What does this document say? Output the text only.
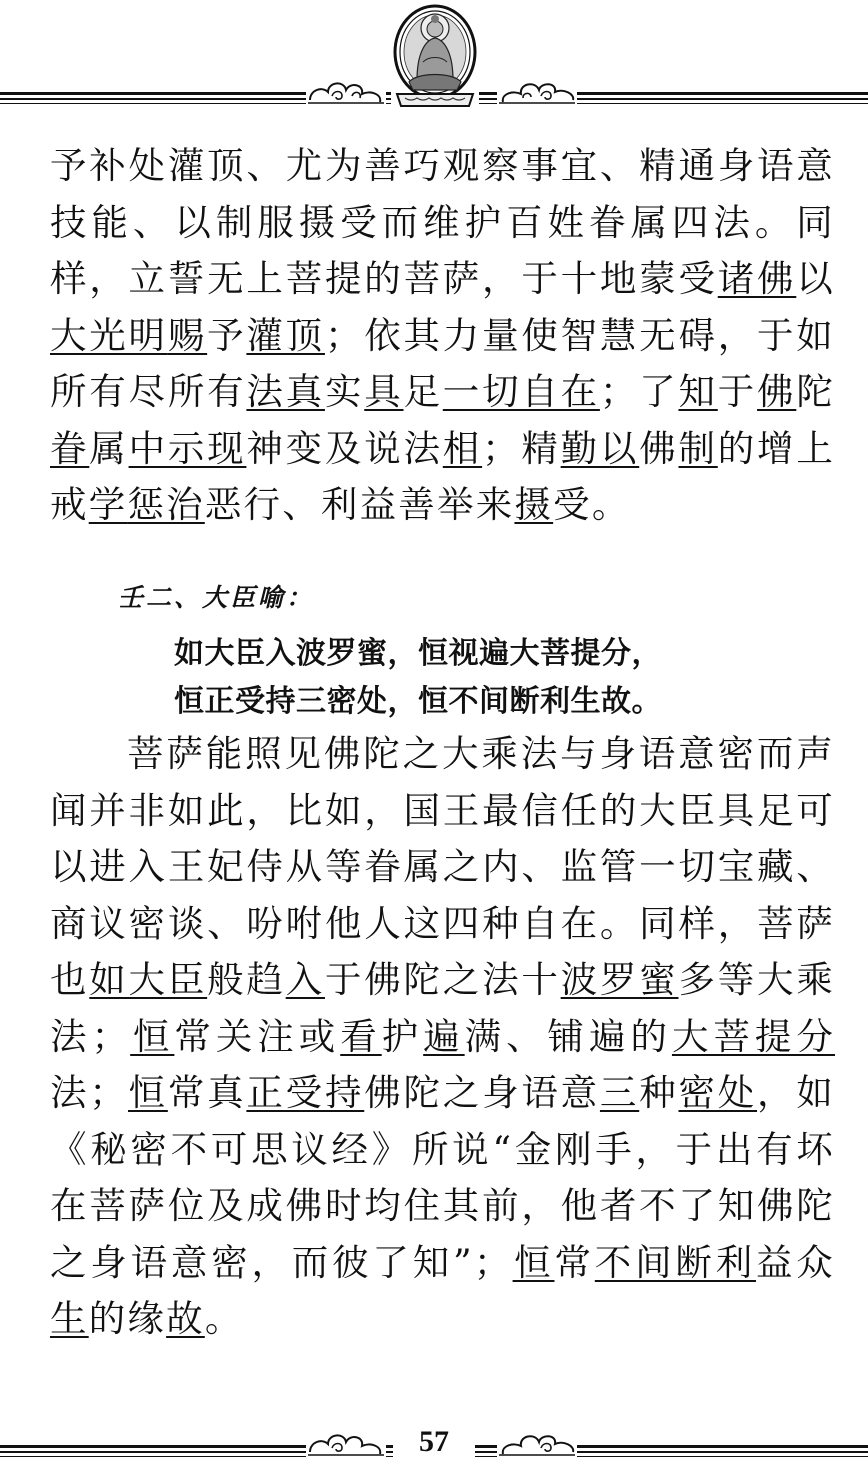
予补处灌顶、尤为善巧观察事宜、精通身语意技能、以制服摄受而维护百姓眷属四法。同样，立誓无上菩提的菩萨，于十地蒙受诸佛以大光明赐予灌顶；依其力量使智慧无碍，于如所有尽所有法真实具足一切自在；了知于佛陀眷属中示现神变及说法相；精勤以佛制的增上戒学惩治恶行、利益善举来摄受。

壬二、大臣喻：

如大臣入波罗蜜，恒视遍大菩提分，

恒正受持三密处，恒不间断利生故。

菩萨能照见佛陀之大乘法与身语意密而声闻并非如此，比如，国王最信任的大臣具足可以进入王妃侍从等眷属之内、监管一切宝藏、商议密谈、吩咐他人这四种自在。同样，菩萨也如大臣般趋入于佛陀之法十波罗蜜多等大乘法；恒常关注或看护遍满、铺遍的大菩提分法；恒常真正受持佛陀之身语意三种密处，如《秘密不可思议经》所说“金刚手，于出有坏在菩萨位及成佛时均住其前，他者不了知佛陀之身语意密，而彼了知”；恒常不间断利益众生的缘故。

57
